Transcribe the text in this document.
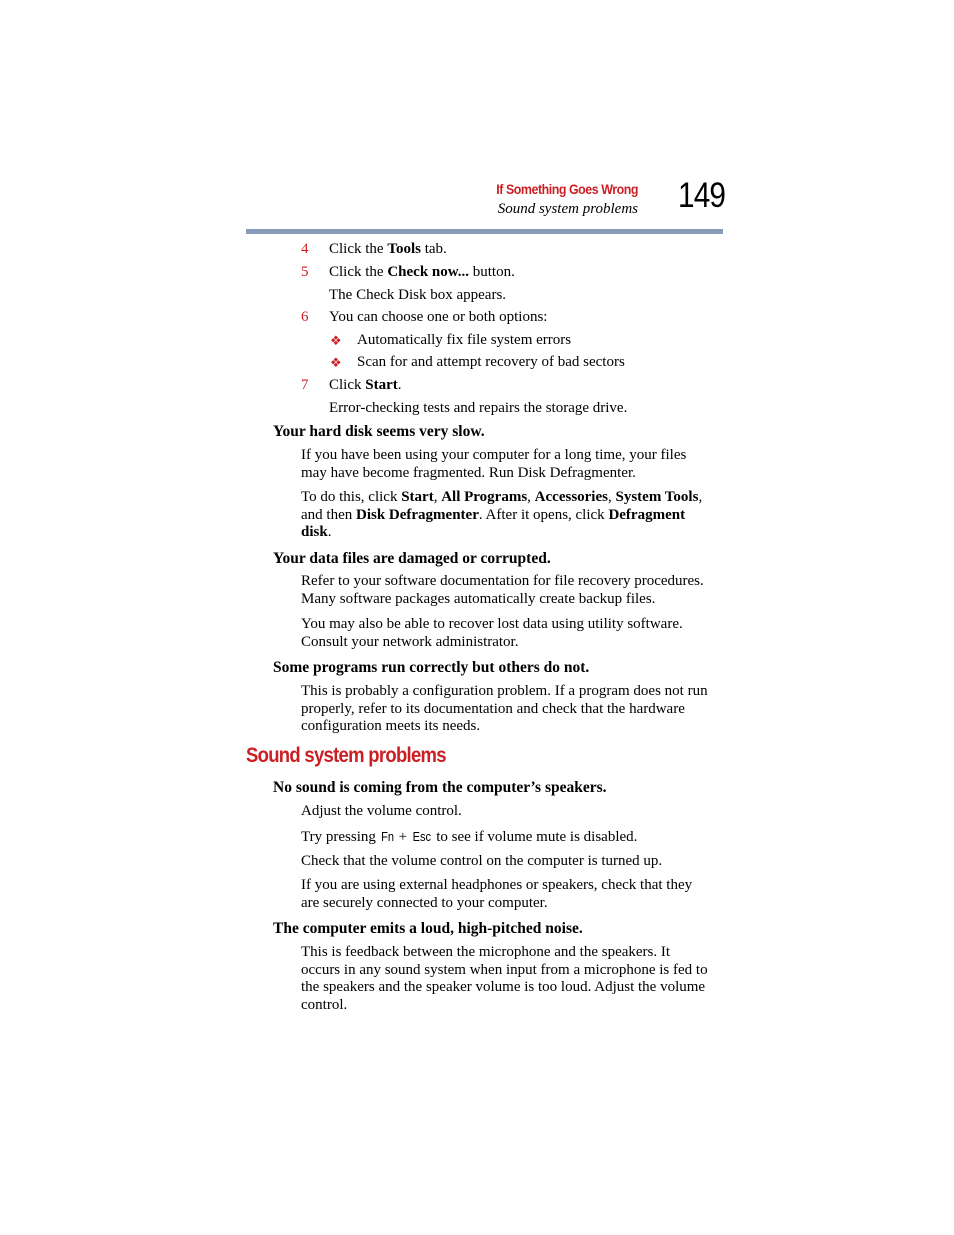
If Something Goes Wrong
Sound system problems 149
4 Click the Tools tab.
5 Click the Check now... button.
The Check Disk box appears.
6 You can choose one or both options:
❖ Automatically fix file system errors
❖ Scan for and attempt recovery of bad sectors
7 Click Start.
Error-checking tests and repairs the storage drive.
Your hard disk seems very slow.
If you have been using your computer for a long time, your files
may have become fragmented. Run Disk Defragmenter.
To do this, click Start, All Programs, Accessories, System Tools,
and then Disk Defragmenter. After it opens, click Defragment
disk.
Your data files are damaged or corrupted.
Refer to your software documentation for file recovery procedures.
Many software packages automatically create backup files.
You may also be able to recover lost data using utility software.
Consult your network administrator.
Some programs run correctly but others do not.
This is probably a configuration problem. If a program does not run
properly, refer to its documentation and check that the hardware
configuration meets its needs.
Sound system problems
No sound is coming from the computer’s speakers.
Adjust the volume control.
Try pressing Fn + Esc to see if volume mute is disabled.
Check that the volume control on the computer is turned up.
If you are using external headphones or speakers, check that they
are securely connected to your computer.
The computer emits a loud, high-pitched noise.
This is feedback between the microphone and the speakers. It
occurs in any sound system when input from a microphone is fed to
the speakers and the speaker volume is too loud. Adjust the volume
control.
